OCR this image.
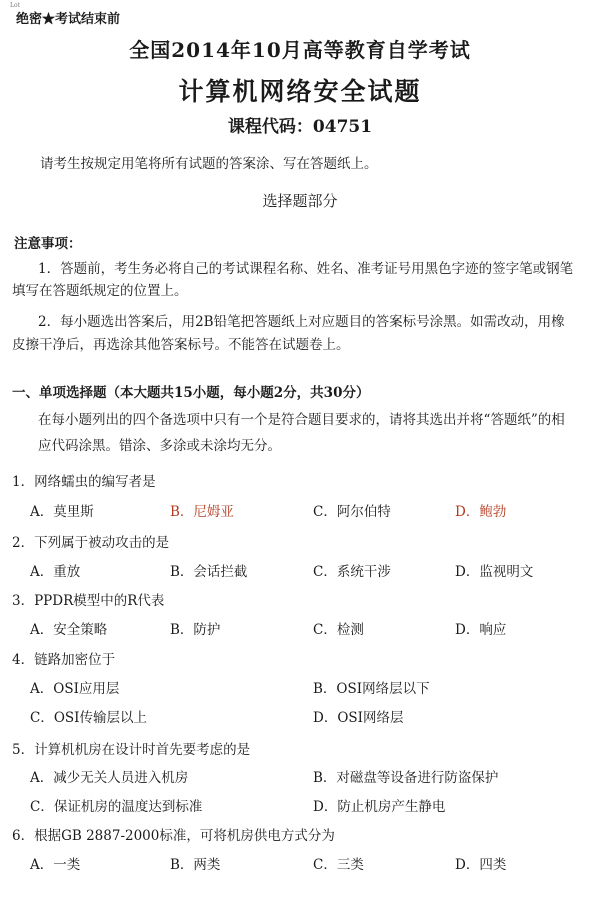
Lot
绝密★考试结束前
全国2014年10月高等教育自学考试
计算机网络安全试题
课程代码：04751
请考生按规定用笔将所有试题的答案涂、写在答题纸上。
选择题部分
注意事项：
1．答题前，考生务必将自己的考试课程名称、姓名、准考证号用黑色字迹的签字笔或钢笔
填写在答题纸规定的位置上。
2．每小题选出答案后，用2B铅笔把答题纸上对应题目的答案标号涂黑。如需改动，用橡
皮擦干净后，再选涂其他答案标号。不能答在试题卷上。
一、单项选择题（本大题共15小题，每小题2分，共30分）
在每小题列出的四个备选项中只有一个是符合题目要求的，请将其选出并将“答题纸”的相
应代码涂黑。错涂、多涂或未涂均无分。
1．网络蠕虫的编写者是
A．莫里斯	B．尼姆亚	C．阿尔伯特	D．鲍勃
2．下列属于被动攻击的是
A．重放	B．会话拦截	C．系统干涉	D．监视明文
3．PPDR模型中的R代表
A．安全策略	B．防护	C．检测	D．响应
4．链路加密位于
A．OSI应用层	B．OSI网络层以下
C．OSI传输层以上	D．OSI网络层
5．计算机机房在设计时首先要考虑的是
A．减少无关人员进入机房	B．对磁盘等设备进行防盗保护
C．保证机房的温度达到标准	D．防止机房产生静电
6．根据GB 2887-2000标准，可将机房供电方式分为
A．一类	B．两类	C．三类	D．四类
